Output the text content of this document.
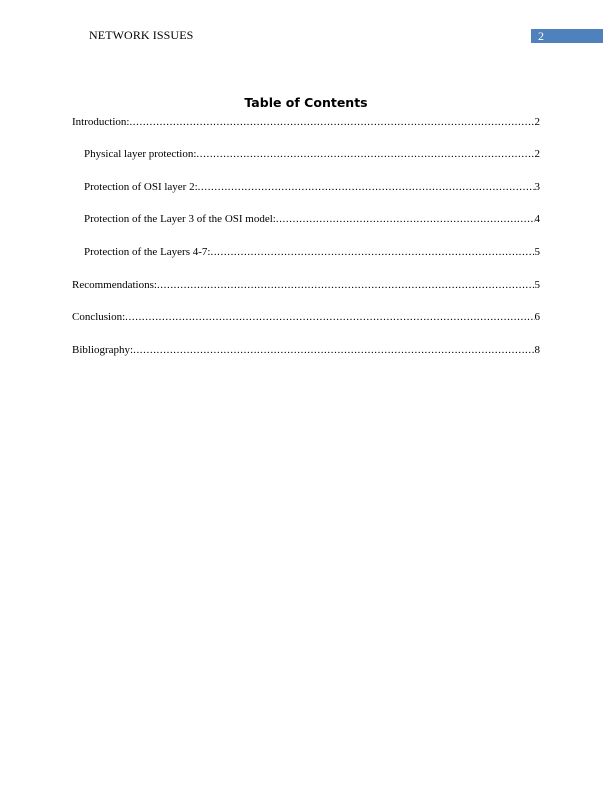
NETWORK ISSUES	2
Table of Contents
Introduction: .....	2
Physical layer protection: .....	2
Protection of OSI layer 2: .....	3
Protection of the Layer 3 of the OSI model: .....	4
Protection of the Layers 4-7: .....	5
Recommendations: .....	5
Conclusion: .....	6
Bibliography: .....	8
